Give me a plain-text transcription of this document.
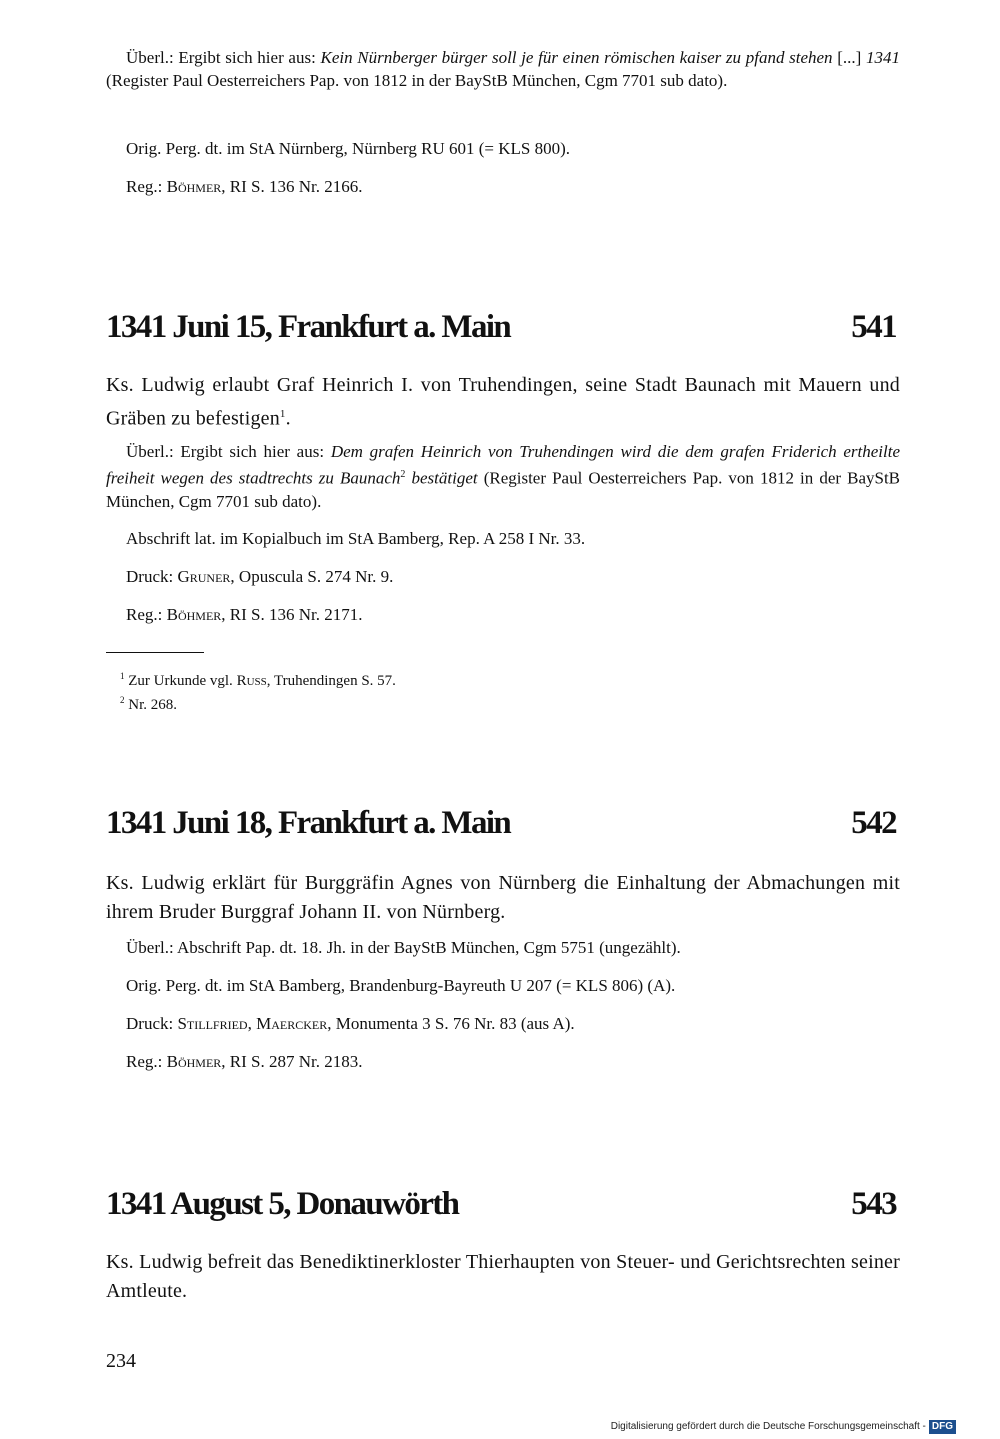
Überl.: Ergibt sich hier aus: Kein Nürnberger bürger soll je für einen römischen kaiser zu pfand stehen [...] 1341 (Register Paul Oesterreichers Pap. von 1812 in der BayStB München, Cgm 7701 sub dato).
Orig. Perg. dt. im StA Nürnberg, Nürnberg RU 601 (= KLS 800).
Reg.: Böhmer, RI S. 136 Nr. 2166.
1341 Juni 15, Frankfurt a. Main	541
Ks. Ludwig erlaubt Graf Heinrich I. von Truhendingen, seine Stadt Baunach mit Mauern und Gräben zu befestigen$^1$.
Überl.: Ergibt sich hier aus: Dem grafen Heinrich von Truhendingen wird die dem grafen Friderich ertheilte freiheit wegen des stadtrechts zu Baunach$^2$ bestätiget (Register Paul Oesterreichers Pap. von 1812 in der BayStB München, Cgm 7701 sub dato).
Abschrift lat. im Kopialbuch im StA Bamberg, Rep. A 258 I Nr. 33.
Druck: Gruner, Opuscula S. 274 Nr. 9.
Reg.: Böhmer, RI S. 136 Nr. 2171.
$^1$ Zur Urkunde vgl. Russ, Truhendingen S. 57.
$^2$ Nr. 268.
1341 Juni 18, Frankfurt a. Main	542
Ks. Ludwig erklärt für Burggräfin Agnes von Nürnberg die Einhaltung der Abmachungen mit ihrem Bruder Burggraf Johann II. von Nürnberg.
Überl.: Abschrift Pap. dt. 18. Jh. in der BayStB München, Cgm 5751 (ungezählt).
Orig. Perg. dt. im StA Bamberg, Brandenburg-Bayreuth U 207 (= KLS 806) (A).
Druck: Stillfried, Maercker, Monumenta 3 S. 76 Nr. 83 (aus A).
Reg.: Böhmer, RI S. 287 Nr. 2183.
1341 August 5, Donauwörth	543
Ks. Ludwig befreit das Benediktinerkloster Thierhaupten von Steuer- und Gerichtsrechten seiner Amtleute.
234
Digitalisierung gefördert durch die Deutsche Forschungsgemeinschaft - DFG
